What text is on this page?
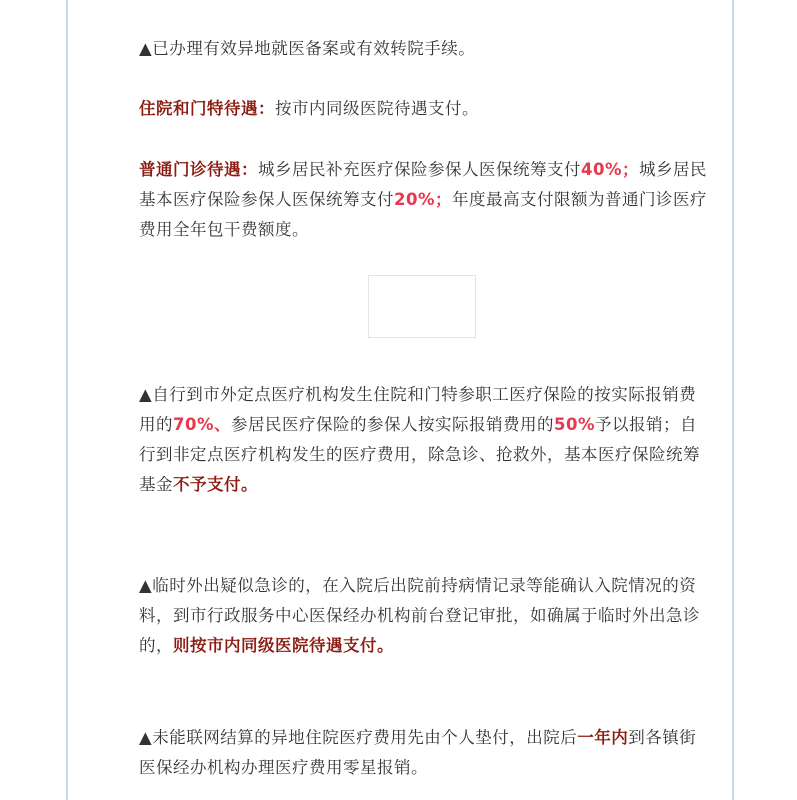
▲已办理有效异地就医备案或有效转院手续。

住院和门特待遇：按市内同级医院待遇支付。

普通门诊待遇：城乡居民补充医疗保险参保人医保统筹支付40%；城乡居民基本医疗保险参保人医保统筹支付20%；年度最高支付限额为普通门诊医疗费用全年包干费额度。

▲自行到市外定点医疗机构发生住院和门特参职工医疗保险的按实际报销费用的70%、参居民医疗保险的参保人按实际报销费用的50%予以报销；自行到非定点医疗机构发生的医疗费用，除急诊、抢救外，基本医疗保险统筹基金不予支付。

▲临时外出疑似急诊的，在入院后出院前持病情记录等能确认入院情况的资料，到市行政服务中心医保经办机构前台登记审批，如确属于临时外出急诊的，则按市内同级医院待遇支付。

▲未能联网结算的异地住院医疗费用先由个人垫付，出院后一年内到各镇街医保经办机构办理医疗费用零星报销。
